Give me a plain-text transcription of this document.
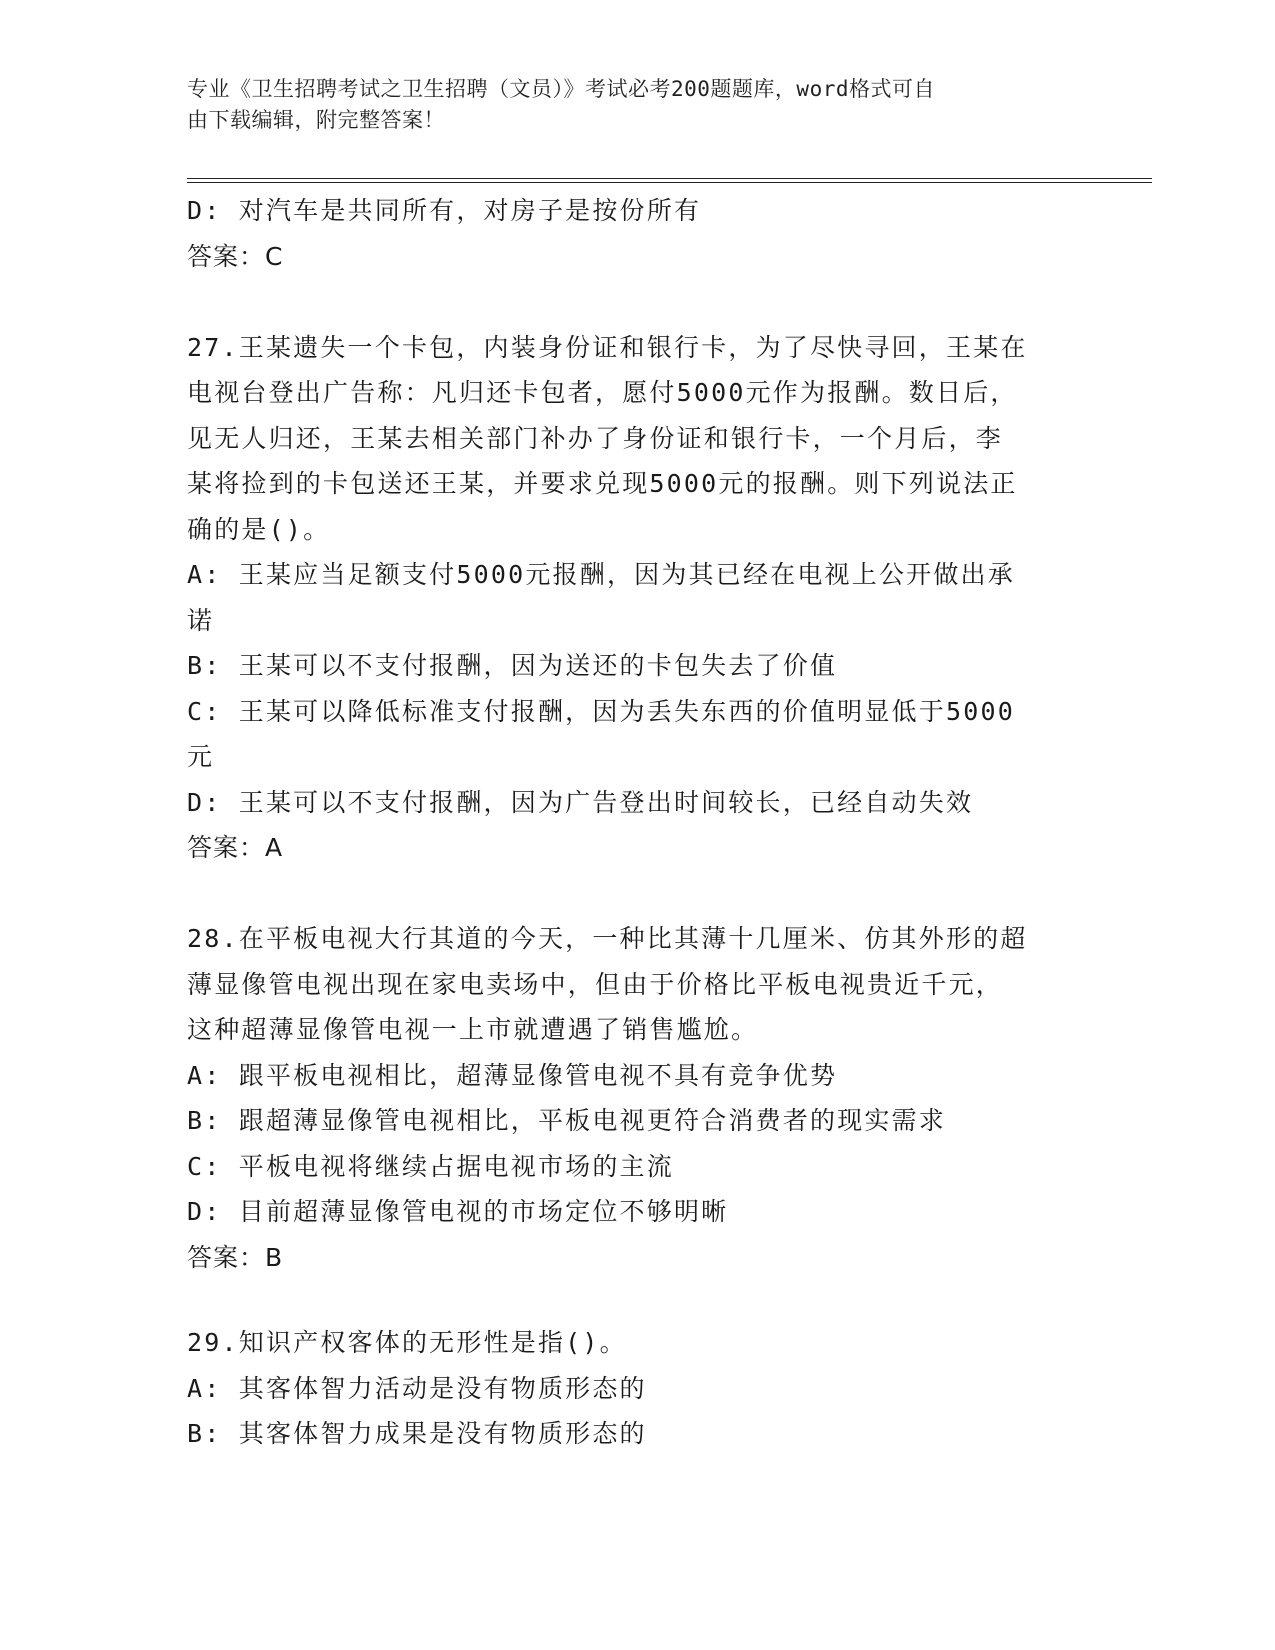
专业《卫生招聘考试之卫生招聘（文员）》考试必考200题题库，word格式可自
由下载编辑，附完整答案！
D: 对汽车是共同所有，对房子是按份所有
答案：C
27.王某遗失一个卡包，内装身份证和银行卡，为了尽快寻回，王某在
电视台登出广告称：凡归还卡包者，愿付5000元作为报酬。数日后，
见无人归还，王某去相关部门补办了身份证和银行卡，一个月后，李
某将捡到的卡包送还王某，并要求兑现5000元的报酬。则下列说法正
确的是()。
A: 王某应当足额支付5000元报酬，因为其已经在电视上公开做出承
诺
B: 王某可以不支付报酬，因为送还的卡包失去了价值
C: 王某可以降低标准支付报酬，因为丢失东西的价值明显低于5000
元
D: 王某可以不支付报酬，因为广告登出时间较长，已经自动失效
答案：A
28.在平板电视大行其道的今天，一种比其薄十几厘米、仿其外形的超
薄显像管电视出现在家电卖场中，但由于价格比平板电视贵近千元，
这种超薄显像管电视一上市就遭遇了销售尴尬。
A: 跟平板电视相比，超薄显像管电视不具有竞争优势
B: 跟超薄显像管电视相比，平板电视更符合消费者的现实需求
C: 平板电视将继续占据电视市场的主流
D: 目前超薄显像管电视的市场定位不够明晰
答案：B
29.知识产权客体的无形性是指()。
A: 其客体智力活动是没有物质形态的
B: 其客体智力成果是没有物质形态的
